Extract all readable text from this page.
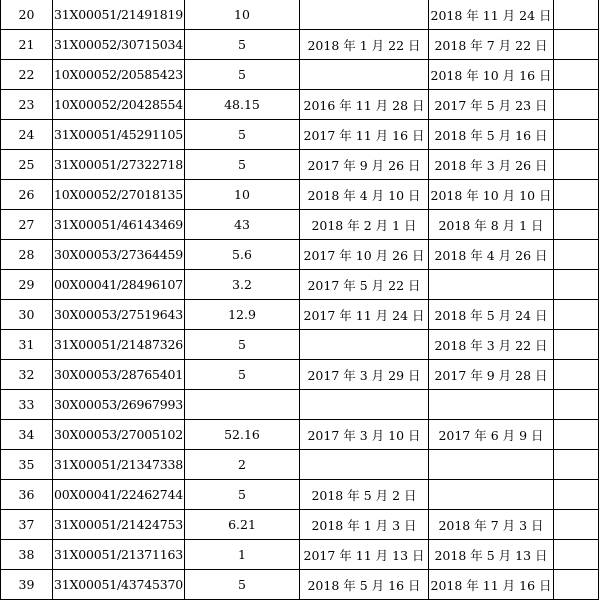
20	31X00051/21491819	10		2018 年 11 月 24 日	
21	31X00052/30715034	5	2018 年 1 月 22 日	2018 年 7 月 22 日	
22	10X00052/20585423	5		2018 年 10 月 16 日	
23	10X00052/20428554	48.15	2016 年 11 月 28 日	2017 年 5 月 23 日	
24	31X00051/45291105	5	2017 年 11 月 16 日	2018 年 5 月 16 日	
25	31X00051/27322718	5	2017 年 9 月 26 日	2018 年 3 月 26 日	
26	10X00052/27018135	10	2018 年 4 月 10 日	2018 年 10 月 10 日	
27	31X00051/46143469	43	2018 年 2 月 1 日	2018 年 8 月 1 日	
28	30X00053/27364459	5.6	2017 年 10 月 26 日	2018 年 4 月 26 日	
29	00X00041/28496107	3.2	2017 年 5 月 22 日		
30	30X00053/27519643	12.9	2017 年 11 月 24 日	2018 年 5 月 24 日	
31	31X00051/21487326	5		2018 年 3 月 22 日	
32	30X00053/28765401	5	2017 年 3 月 29 日	2017 年 9 月 28 日	
33	30X00053/26967993				
34	30X00053/27005102	52.16	2017 年 3 月 10 日	2017 年 6 月 9 日	
35	31X00051/21347338	2			
36	00X00041/22462744	5	2018 年 5 月 2 日		
37	31X00051/21424753	6.21	2018 年 1 月 3 日	2018 年 7 月 3 日	
38	31X00051/21371163	1	2017 年 11 月 13 日	2018 年 5 月 13 日	
39	31X00051/43745370	5	2018 年 5 月 16 日	2018 年 11 月 16 日	
